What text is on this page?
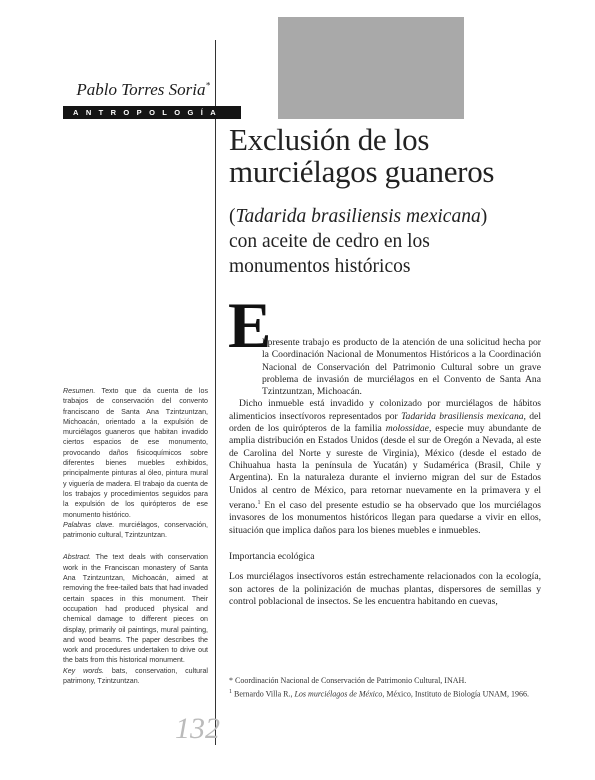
Pablo Torres Soria*
ANTROPOLOGÍA
Exclusión de los
murciélagos guaneros
(Tadarida brasiliensis mexicana)
con aceite de cedro en los
monumentos históricos
E

l presente trabajo es producto de la atención de una solicitud hecha por la Coordinación Nacional de Monumentos Históricos a la Coordinación Nacional de Conservación del Patrimonio Cultural sobre un grave problema de invasión de murciélagos en el Convento de Santa Ana Tzintzuntzan, Michoacán.

Dicho inmueble está invadido y colonizado por murciélagos de hábitos alimenticios insectívoros representados por Tadarida brasiliensis mexicana, del orden de los quirópteros de la familia molossidae, especie muy abundante de amplia distribución en Estados Unidos (desde el sur de Oregón a Nevada, al este de Carolina del Norte y sureste de Virginia), México (desde el estado de Chihuahua hasta la península de Yucatán) y Sudamérica (Brasil, Chile y Argentina). En la naturaleza durante el invierno migran del sur de Estados Unidos al centro de México, para retornar nuevamente en la primavera y el verano.$^1$ En el caso del presente estudio se ha observado que los murciélagos invasores de los monumentos históricos llegan para quedarse a vivir en ellos, situación que implica daños para los bienes muebles e inmuebles.

Importancia ecológica

Los murciélagos insectívoros están estrechamente relacionados con la ecología, son actores de la polinización de muchas plantas, dispersores de semillas y control poblacional de insectos. Se les encuentra habitando en cuevas,

Resumen. Texto que da cuenta de los trabajos de conservación del convento franciscano de Santa Ana Tzintzuntzan, Michoacán, orientado a la expulsión de murciélagos guaneros que habitan invadido ciertos espacios de ese monumento, provocando daños fisicoquímicos sobre diferentes bienes muebles exhibidos, principalmente pinturas al óleo, pintura mural y viguería de madera. El trabajo da cuenta de los trabajos y procedimientos seguidos para la expulsión de los quirópteros de ese monumento histórico.

Palabras clave. murciélagos, conservación, patrimonio cultural, Tzintzuntzan.

Abstract. The text deals with conservation work in the Franciscan monastery of Santa Ana Tzintzuntzan, Michoacán, aimed at removing the free-tailed bats that had invaded certain spaces in this monument. Their occupation had produced physical and chemical damage to different pieces on display, primarily oil paintings, mural painting, and wood beams. The paper describes the work and procedures undertaken to drive out the bats from this historical monument.

Key words. bats, conservation, cultural patrimony, Tzintzuntzan.	* Coordinación Nacional de Conservación de Patrimonio Cultural, INAH.

$^1$ Bernardo Villa R., Los murciélagos de México, México, Instituto de Biología UNAM, 1966.

132
